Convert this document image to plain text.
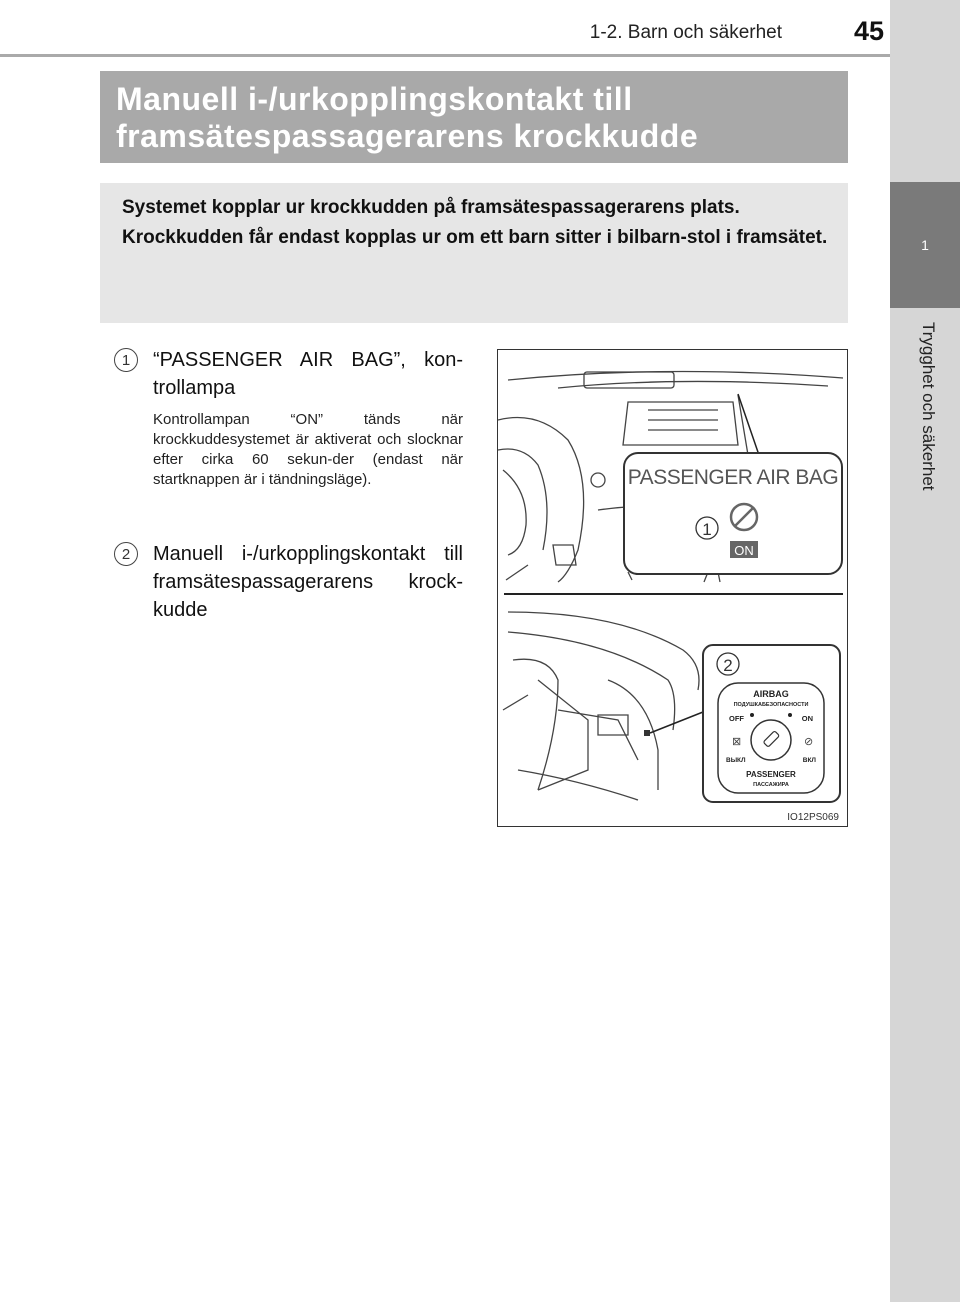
1
Trygghet och säkerhet
1-2. Barn och säkerhet	45
Manuell i-/urkopplingskontakt till framsätespassagerarens krockkudde

Systemet kopplar ur krockkudden på framsätespassagerarens plats.

Krockkudden får endast kopplas ur om ett barn sitter i bilbarn-stol i framsätet.

1	“PASSENGER AIR BAG”, kon-trollampa
Kontrollampan “ON” tänds när krockkuddesystemet är aktiverat och slocknar efter cirka 60 sekun-der (endast när startknappen är i tändningsläge).
2	Manuell i-/urkopplingskontakt till framsätespassagerarens krock-kudde
PASSENGER AIR BAG
1
ON
2
AIRBAG
ПОДУШКАБЕЗОПАСНОСТИ
OFF	ON
⊠	⊘
ВЫКЛ	ВКЛ
PASSENGER
ПАССАЖИРА
IO12PS069
